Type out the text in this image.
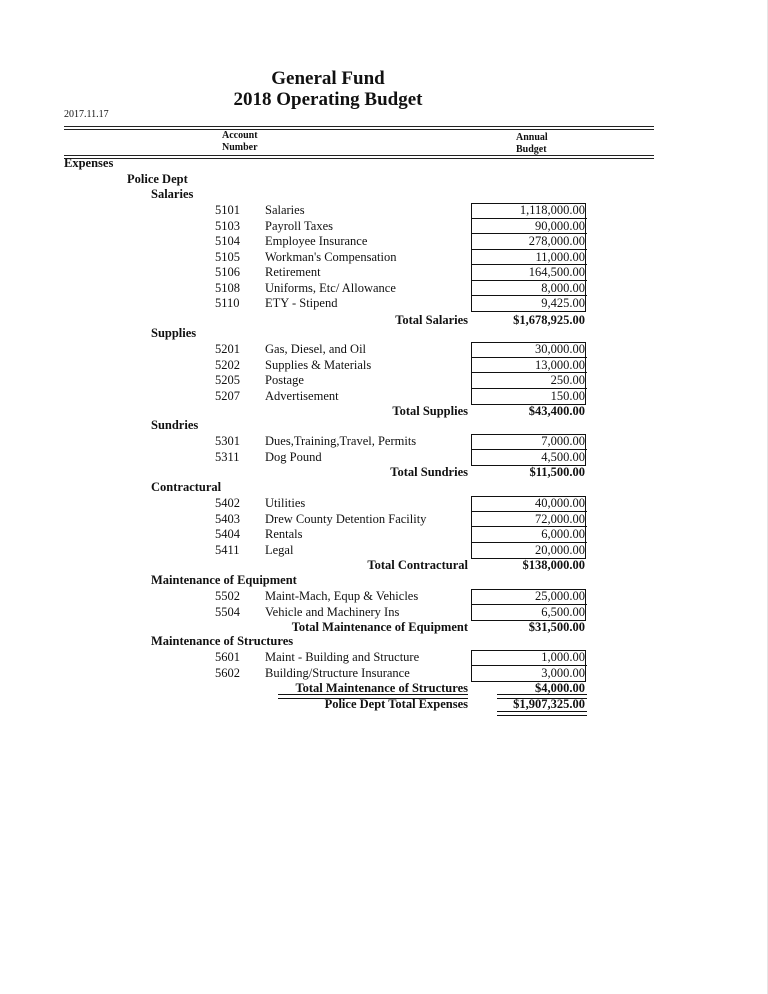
General Fund
2018 Operating Budget
2017.11.17
Account
Number
Annual
Budget
Expenses
Police Dept
Salaries
5101 Salaries	1,118,000.00
5103 Payroll Taxes	90,000.00
5104 Employee Insurance	278,000.00
5105 Workman's Compensation	11,000.00
5106 Retirement	164,500.00
5108 Uniforms, Etc/ Allowance	8,000.00
5110 ETY - Stipend	9,425.00
Total Salaries	$1,678,925.00
Supplies
5201 Gas, Diesel, and Oil	30,000.00
5202 Supplies & Materials	13,000.00
5205 Postage	250.00
5207 Advertisement	150.00
Total Supplies	$43,400.00
Sundries
5301 Dues,Training,Travel, Permits	7,000.00
5311 Dog Pound	4,500.00
Total Sundries	$11,500.00
Contractural
5402 Utilities	40,000.00
5403 Drew County Detention Facility	72,000.00
5404 Rentals	6,000.00
5411 Legal	20,000.00
Total Contractural	$138,000.00
Maintenance of Equipment
5502 Maint-Mach, Equp & Vehicles	25,000.00
5504 Vehicle and Machinery Ins	6,500.00
Total Maintenance of Equipment	$31,500.00
Maintenance of Structures
5601 Maint - Building and Structure	1,000.00
5602 Building/Structure Insurance	3,000.00
Total Maintenance of Structures	$4,000.00
Police Dept Total Expenses	$1,907,325.00
